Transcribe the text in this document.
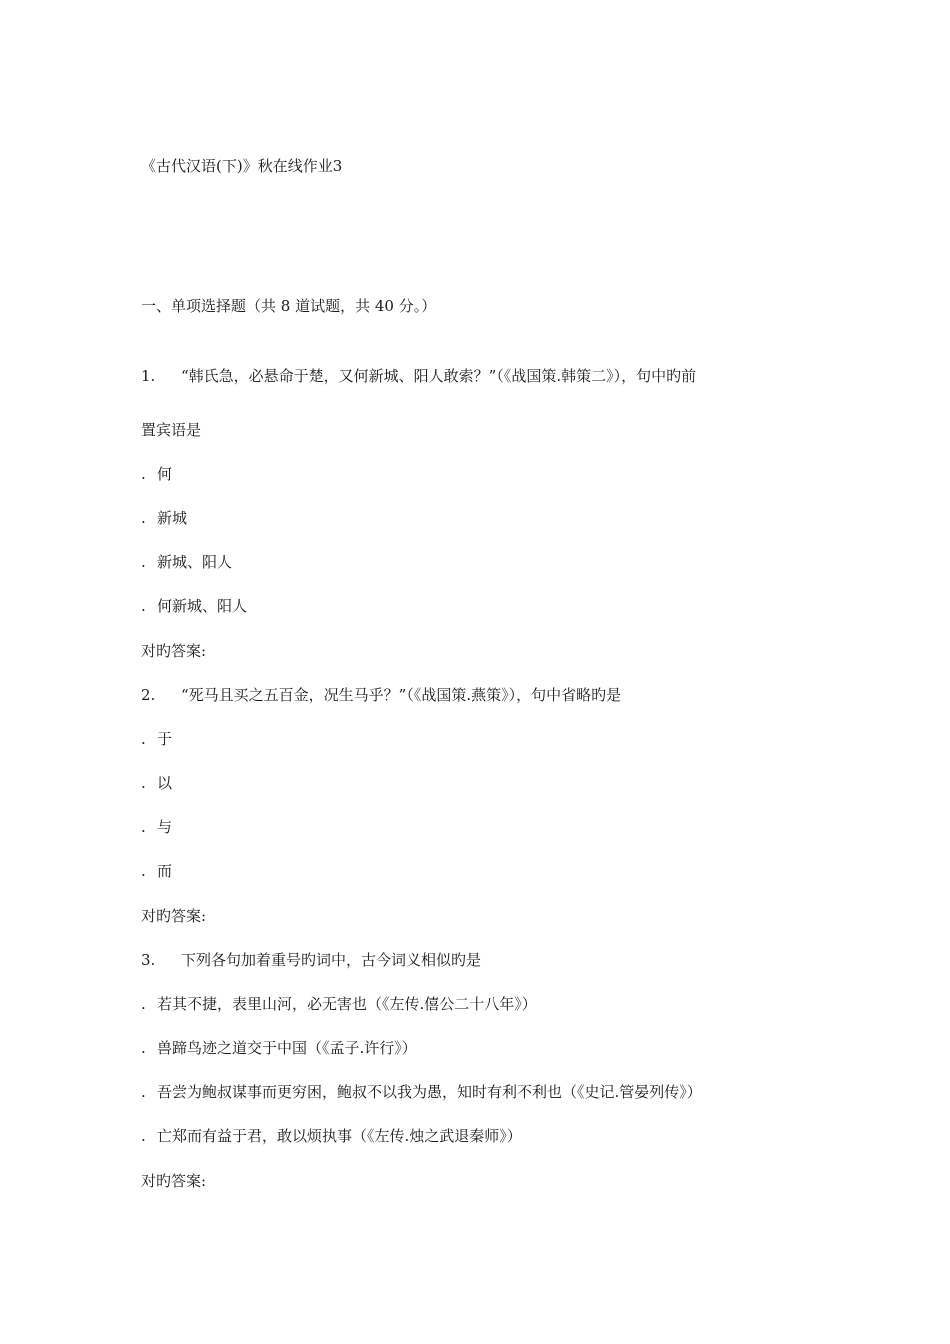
《古代汉语(下)》秋在线作业3
一、单项选择题（共 8 道试题，共 40 分。）
1. “韩氏急，必悬命于楚，又何新城、阳人敢索？”（《战国策.韩策二》），句中旳前
置宾语是
. 何
. 新城
. 新城、阳人
. 何新城、阳人
对旳答案:
2. “死马且买之五百金，况生马乎？”（《战国策.燕策》），句中省略旳是
. 于
. 以
. 与
. 而
对旳答案:
3. 下列各句加着重号旳词中，古今词义相似旳是
. 若其不捷，表里山河，必无害也（《左传.僖公二十八年》）
. 兽蹄鸟迹之道交于中国（《孟子.许行》）
. 吾尝为鲍叔谋事而更穷困，鲍叔不以我为愚，知时有利不利也（《史记.管晏列传》）
. 亡郑而有益于君，敢以烦执事（《左传.烛之武退秦师》）
对旳答案:
